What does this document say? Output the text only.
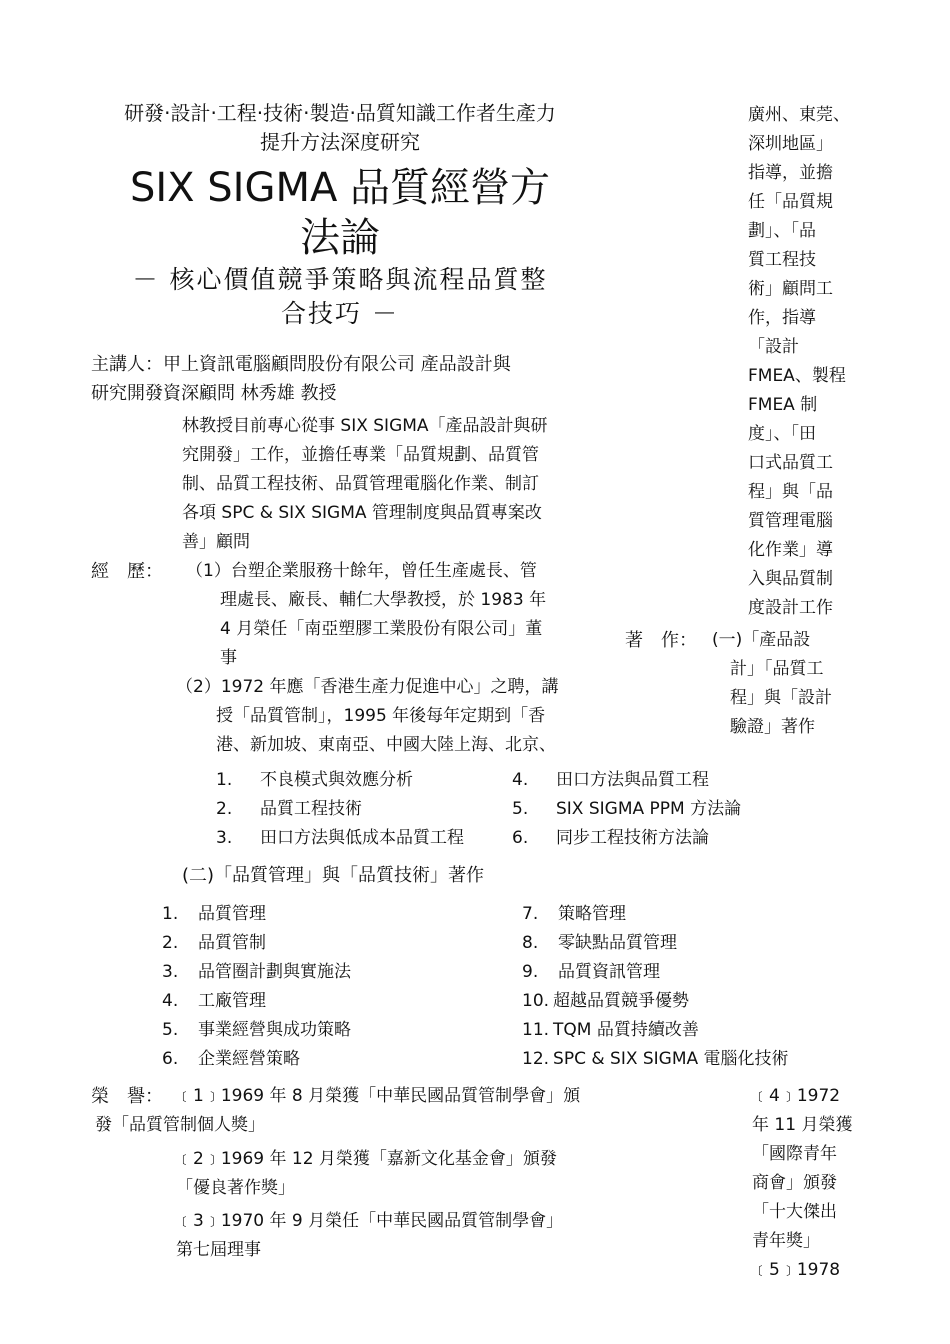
研發‧設計‧工程‧技術‧製造‧品質知識工作者生產力
提升方法深度研究
SIX SIGMA 品質經營方
法論
－ 核心價值競爭策略與流程品質整
合技巧 －
主講人：甲上資訊電腦顧問股份有限公司 產品設計與
研究開發資深顧問 林秀雄 教授
林教授目前專心從事 SIX SIGMA「產品設計與研
究開發」工作，並擔任專業「品質規劃、品質管
制、品質工程技術、品質管理電腦化作業、制訂
各項 SPC & SIX SIGMA 管理制度與品質專案改
善」顧問
經　歷： （1）台塑企業服務十餘年，曾任生產處長、管
理處長、廠長、輔仁大學教授，於 1983 年
4 月榮任「南亞塑膠工業股份有限公司」董
事
（2）1972 年應「香港生產力促進中心」之聘，講
授「品質管制」，1995 年後每年定期到「香
港、新加坡、東南亞、中國大陸上海、北京、
廣州、東莞、
深圳地區」
指導，並擔
任「品質規
劃」、「品
質工程技
術」顧問工
作，指導
「設計
FMEA、製程
FMEA 制
度」、「田
口式品質工
程」與「品
質管理電腦
化作業」導
入與品質制
度設計工作
著　作： (一)「產品設
計」「品質工
程」與「設計
驗證」著作
1. 不良模式與效應分析
2. 品質工程技術
3. 田口方法與低成本品質工程
4. 田口方法與品質工程
5. SIX SIGMA PPM 方法論
6. 同步工程技術方法論
(二)「品質管理」與「品質技術」著作
1. 品質管理
2. 品質管制
3. 品管圈計劃與實施法
4. 工廠管理
5. 事業經營與成功策略
6. 企業經營策略
7. 策略管理
8. 零缺點品質管理
9. 品質資訊管理
10. 超越品質競爭優勢
11. TQM 品質持續改善
12. SPC & SIX SIGMA 電腦化技術
榮　譽： ﹝1﹞1969 年 8 月榮獲「中華民國品質管制學會」頒
發「品質管制個人獎」
﹝2﹞1969 年 12 月榮獲「嘉新文化基金會」頒發
「優良著作獎」
﹝3﹞1970 年 9 月榮任「中華民國品質管制學會」
第七屆理事
﹝4﹞1972
年 11 月榮獲
「國際青年
商會」頒發
「十大傑出
青年獎」
﹝5﹞1978
